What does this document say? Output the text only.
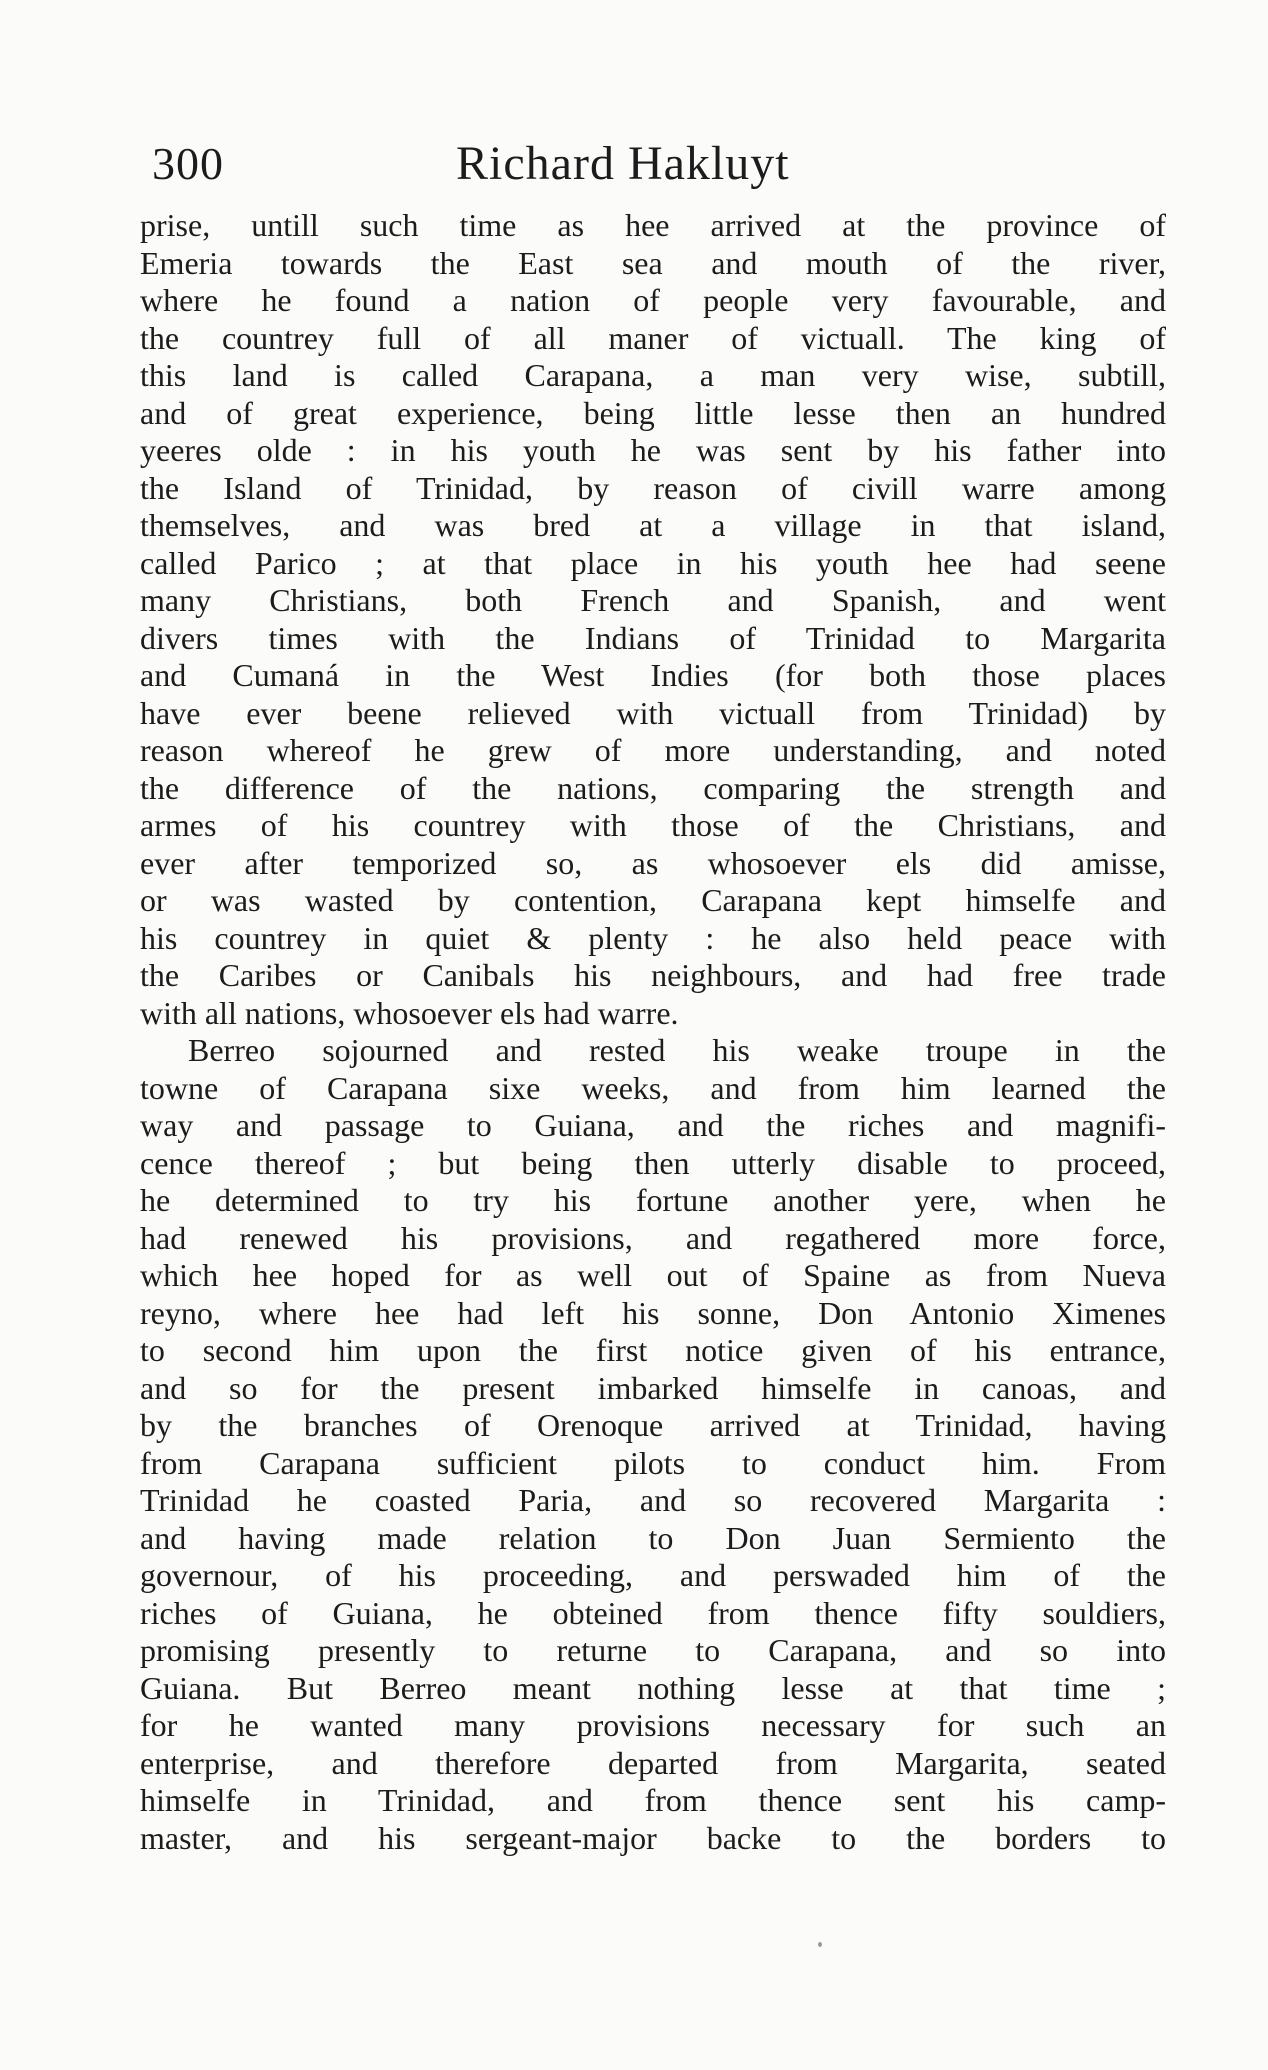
300	Richard Hakluyt
prise, untill such time as hee arrived at the province of
Emeria towards the East sea and mouth of the river,
where he found a nation of people very favourable, and
the countrey full of all maner of victuall. The king of
this land is called Carapana, a man very wise, subtill,
and of great experience, being little lesse then an hundred
yeeres olde : in his youth he was sent by his father into
the Island of Trinidad, by reason of civill warre among
themselves, and was bred at a village in that island,
called Parico ; at that place in his youth hee had seene
many Christians, both French and Spanish, and went
divers times with the Indians of Trinidad to Margarita
and Cumaná in the West Indies (for both those places
have ever beene relieved with victuall from Trinidad) by
reason whereof he grew of more understanding, and noted
the difference of the nations, comparing the strength and
armes of his countrey with those of the Christians, and
ever after temporized so, as whosoever els did amisse,
or was wasted by contention, Carapana kept himselfe and
his countrey in quiet & plenty : he also held peace with
the Caribes or Canibals his neighbours, and had free trade
with all nations, whosoever els had warre.
Berreo sojourned and rested his weake troupe in the
towne of Carapana sixe weeks, and from him learned the
way and passage to Guiana, and the riches and magnifi-
cence thereof ; but being then utterly disable to proceed,
he determined to try his fortune another yere, when he
had renewed his provisions, and regathered more force,
which hee hoped for as well out of Spaine as from Nueva
reyno, where hee had left his sonne, Don Antonio Ximenes
to second him upon the first notice given of his entrance,
and so for the present imbarked himselfe in canoas, and
by the branches of Orenoque arrived at Trinidad, having
from Carapana sufficient pilots to conduct him. From
Trinidad he coasted Paria, and so recovered Margarita :
and having made relation to Don Juan Sermiento the
governour, of his proceeding, and perswaded him of the
riches of Guiana, he obteined from thence fifty souldiers,
promising presently to returne to Carapana, and so into
Guiana. But Berreo meant nothing lesse at that time ;
for he wanted many provisions necessary for such an
enterprise, and therefore departed from Margarita, seated
himselfe in Trinidad, and from thence sent his camp-
master, and his sergeant-major backe to the borders to
